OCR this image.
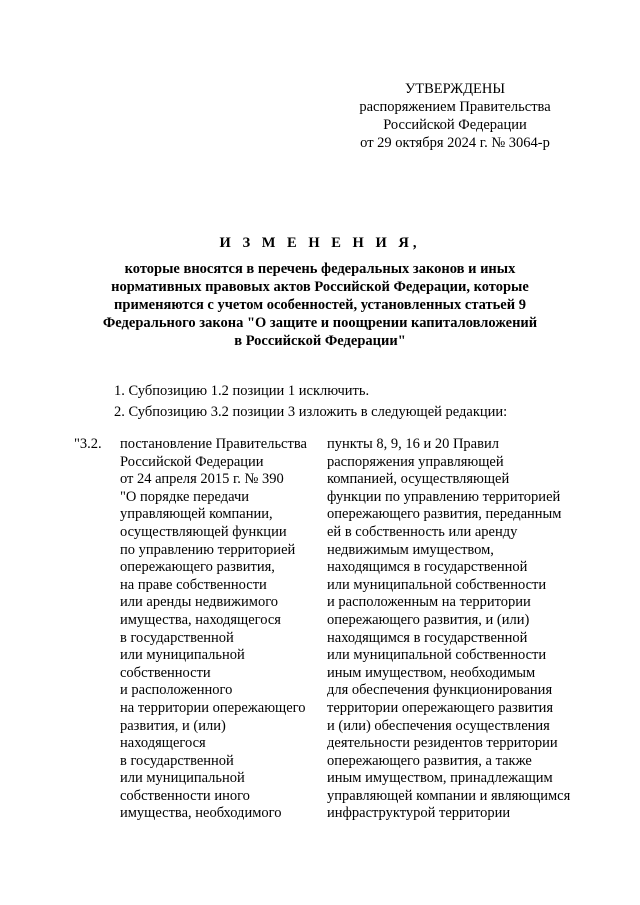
УТВЕРЖДЕНЫ
распоряжением Правительства
Российской Федерации
от 29 октября 2024 г. № 3064-р
И З М Е Н Е Н И Я,
которые вносятся в перечень федеральных законов и иных
нормативных правовых актов Российской Федерации, которые
применяются с учетом особенностей, установленных статьей 9
Федерального закона "О защите и поощрении капиталовложений
в Российской Федерации"
1. Субпозицию 1.2 позиции 1 исключить.
2. Субпозицию 3.2 позиции 3 изложить в следующей редакции:
"3.2.	постановление Правительства
Российской Федерации
от 24 апреля 2015 г. № 390
"О порядке передачи
управляющей компании,
осуществляющей функции
по управлению территорией
опережающего развития,
на праве собственности
или аренды недвижимого
имущества, находящегося
в государственной
или муниципальной
собственности
и расположенного
на территории опережающего
развития, и (или)
находящегося
в государственной
или муниципальной
собственности иного
имущества, необходимого
пункты 8, 9, 16 и 20 Правил
распоряжения управляющей
компанией, осуществляющей
функции по управлению территорией
опережающего развития, переданным
ей в собственность или аренду
недвижимым имуществом,
находящимся в государственной
или муниципальной собственности
и расположенным на территории
опережающего развития, и (или)
находящимся в государственной
или муниципальной собственности
иным имуществом, необходимым
для обеспечения функционирования
территории опережающего развития
и (или) обеспечения осуществления
деятельности резидентов территории
опережающего развития, а также
иным имуществом, принадлежащим
управляющей компании и являющимся
инфраструктурой территории
